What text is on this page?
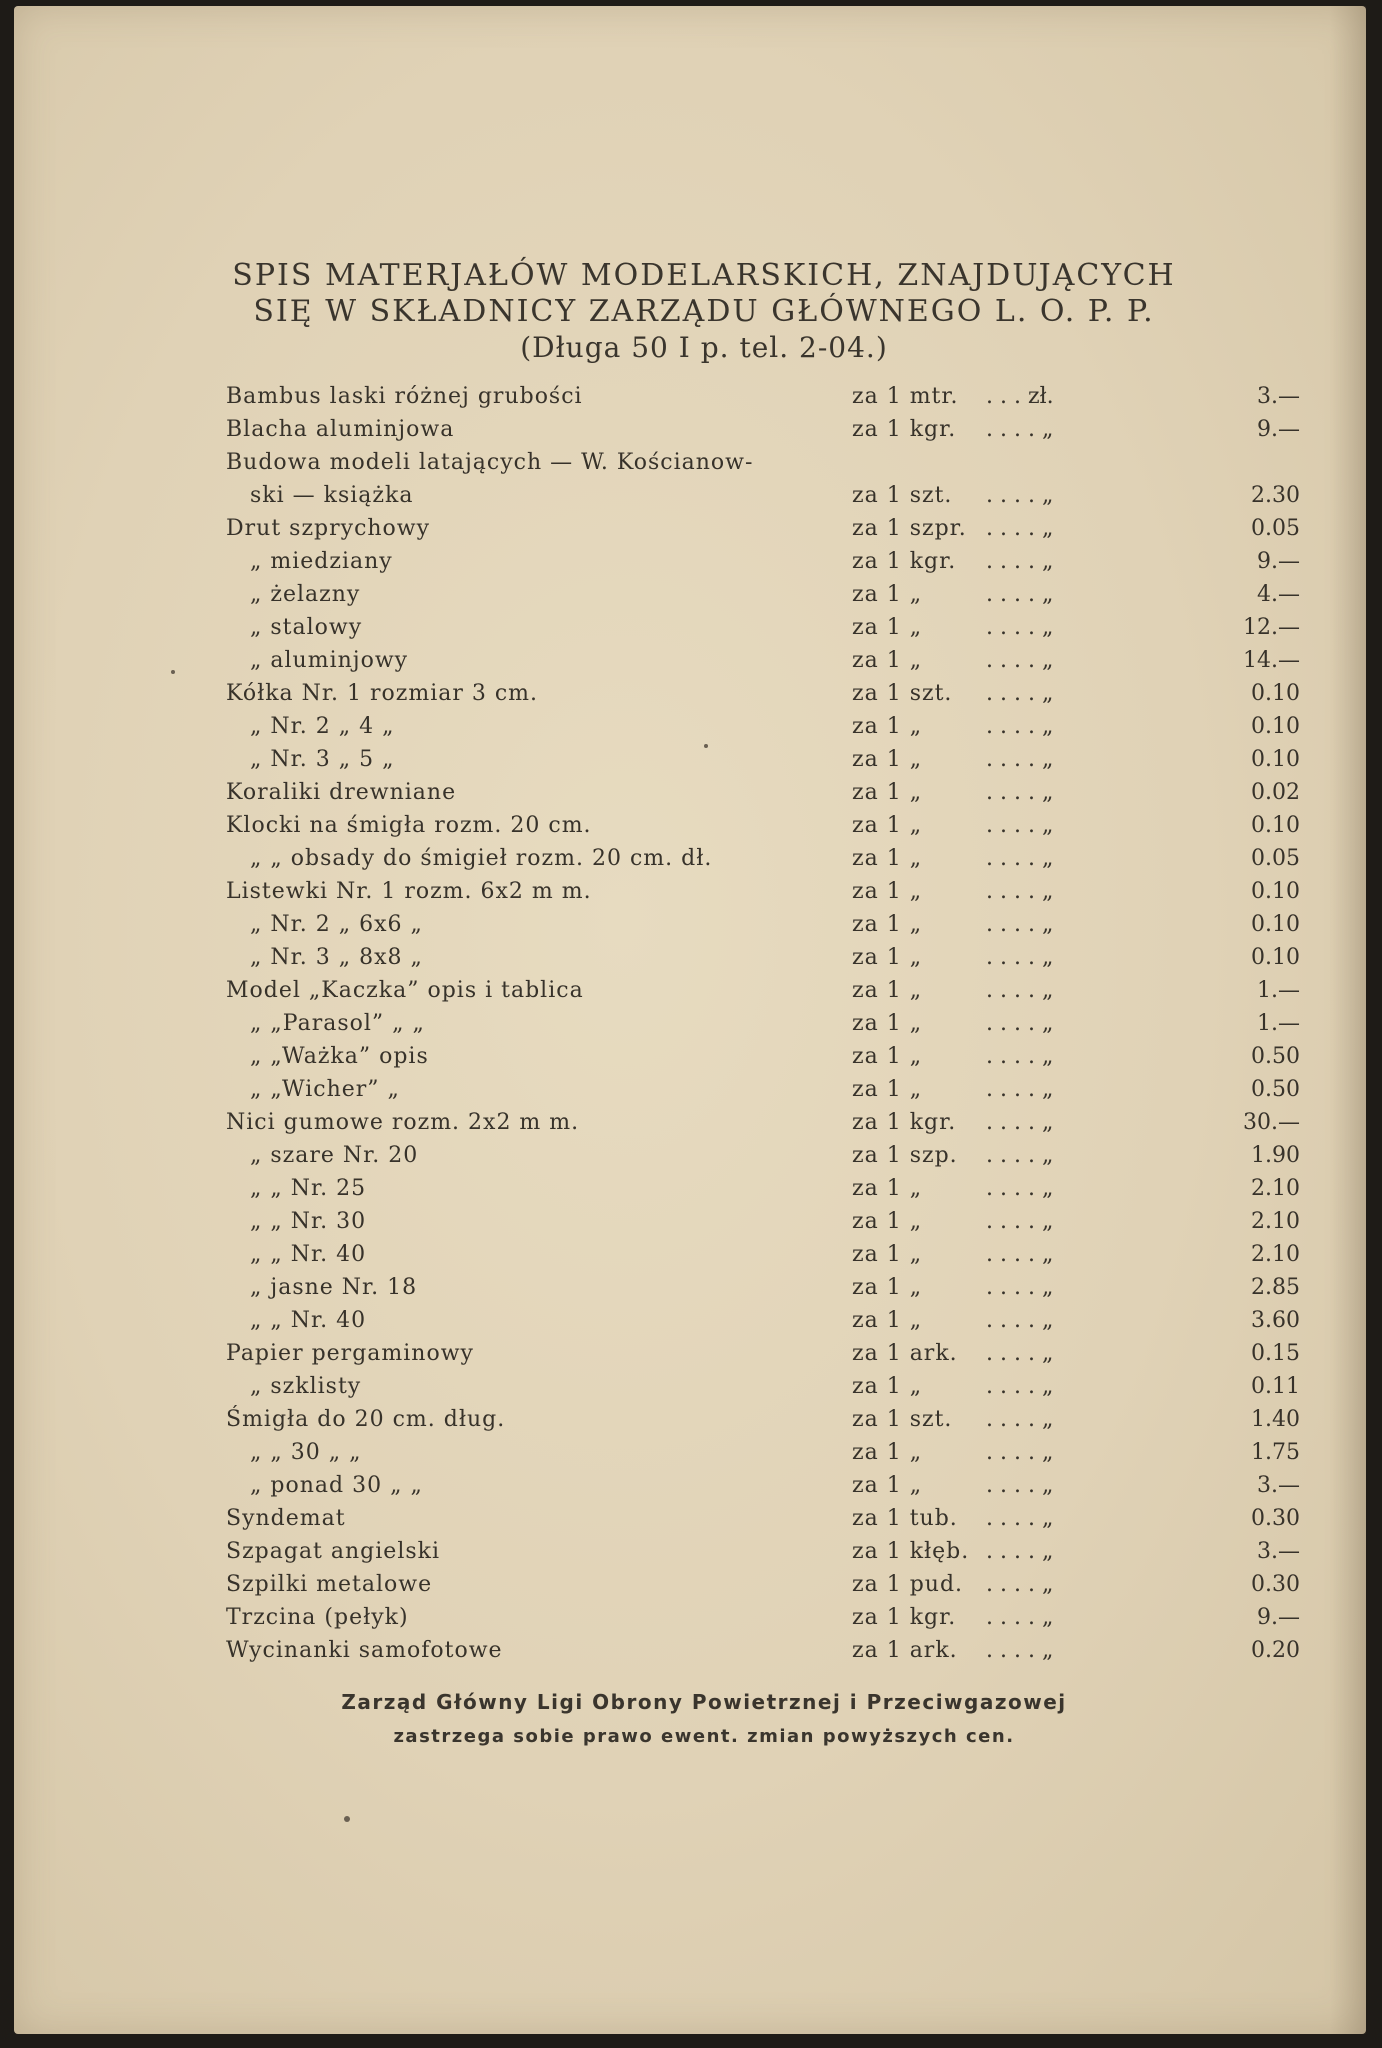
SPIS MATERJAŁÓW MODELARSKICH, ZNAJDUJĄCYCH
SIĘ W SKŁADNICY ZARZĄDU GŁÓWNEGO L. O. P. P.
(Długa 50 I p. tel. 2-04.)
Bambus laski różnej grubości	za 1 mtr. . . . zł.	3.—
Blacha aluminjowa	za 1 kgr. . . . . „	9.—
Budowa modeli latających — W. Kościanow-
ski — książka	za 1 szt. . . . . „	2.30
Drut szprychowy	za 1 szpr. . . . . „	0.05
„ miedziany	za 1 kgr. . . . . „	9.—
„ żelazny	za 1 „	. . . . „	4.—
„ stalowy	za 1 „	. . . . „	12.—
„ aluminjowy	za 1 „	. . . . „	14.—
Kółka Nr. 1 rozmiar 3 cm.	za 1 szt. . . . . „	0.10
„ Nr. 2 „ 4 „	za 1 „	. . . . „	0.10
„ Nr. 3 „ 5 „	za 1 „	. . . . „	0.10
Koraliki drewniane	za 1 „	. . . . „	0.02
Klocki na śmigła rozm. 20 cm.	za 1 „	. . . . „	0.10
„ „ obsady do śmigieł rozm. 20 cm. dł.	za 1 „	. . . . „	0.05
Listewki Nr. 1 rozm. 6x2 m m.	za 1 „	. . . . „	0.10
„ Nr. 2 „ 6x6 „	za 1 „	. . . . „	0.10
„ Nr. 3 „ 8x8 „	za 1 „	. . . . „	0.10
Model „Kaczka” opis i tablica	za 1 „	. . . . „	1.—
„ „Parasol” „ „	za 1 „	. . . . „	1.—
„ „Ważka” opis	za 1 „	. . . . „	0.50
„ „Wicher” „	za 1 „	. . . . „	0.50
Nici gumowe rozm. 2x2 m m.	za 1 kgr. . . . . „	30.—
„ szare Nr. 20	za 1 szp. . . . . „	1.90
„ „ Nr. 25	za 1 „	. . . . „	2.10
„ „ Nr. 30	za 1 „	. . . . „	2.10
„ „ Nr. 40	za 1 „	. . . . „	2.10
„ jasne Nr. 18	za 1 „	. . . . „	2.85
„ „ Nr. 40	za 1 „	. . . . „	3.60
Papier pergaminowy	za 1 ark. . . . . „	0.15
„ szklisty	za 1 „	. . . . „	0.11
Śmigła do 20 cm. dług.	za 1 szt. . . . . „	1.40
„ „ 30 „ „	za 1 „	. . . . „	1.75
„ ponad 30 „ „	za 1 „	. . . . „	3.—
Syndemat	za 1 tub. . . . . „	0.30
Szpagat angielski	za 1 kłęb. . . . . „	3.—
Szpilki metalowe	za 1 pud. . . . . „	0.30
Trzcina (pełyk)	za 1 kgr. . . . . „	9.—
Wycinanki samofotowe	za 1 ark. . . . . „	0.20
Zarząd Główny Ligi Obrony Powietrznej i Przeciwgazowej
zastrzega sobie prawo ewent. zmian powyższych cen.
